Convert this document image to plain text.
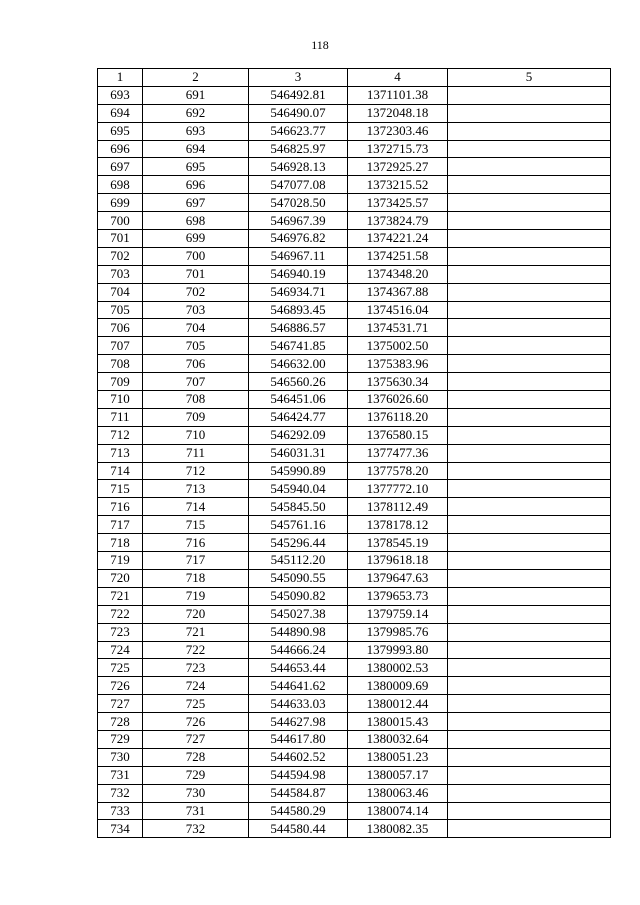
118
1	2	3	4	5
693	691	546492.81	1371101.38	
694	692	546490.07	1372048.18	
695	693	546623.77	1372303.46	
696	694	546825.97	1372715.73	
697	695	546928.13	1372925.27	
698	696	547077.08	1373215.52	
699	697	547028.50	1373425.57	
700	698	546967.39	1373824.79	
701	699	546976.82	1374221.24	
702	700	546967.11	1374251.58	
703	701	546940.19	1374348.20	
704	702	546934.71	1374367.88	
705	703	546893.45	1374516.04	
706	704	546886.57	1374531.71	
707	705	546741.85	1375002.50	
708	706	546632.00	1375383.96	
709	707	546560.26	1375630.34	
710	708	546451.06	1376026.60	
711	709	546424.77	1376118.20	
712	710	546292.09	1376580.15	
713	711	546031.31	1377477.36	
714	712	545990.89	1377578.20	
715	713	545940.04	1377772.10	
716	714	545845.50	1378112.49	
717	715	545761.16	1378178.12	
718	716	545296.44	1378545.19	
719	717	545112.20	1379618.18	
720	718	545090.55	1379647.63	
721	719	545090.82	1379653.73	
722	720	545027.38	1379759.14	
723	721	544890.98	1379985.76	
724	722	544666.24	1379993.80	
725	723	544653.44	1380002.53	
726	724	544641.62	1380009.69	
727	725	544633.03	1380012.44	
728	726	544627.98	1380015.43	
729	727	544617.80	1380032.64	
730	728	544602.52	1380051.23	
731	729	544594.98	1380057.17	
732	730	544584.87	1380063.46	
733	731	544580.29	1380074.14	
734	732	544580.44	1380082.35	
